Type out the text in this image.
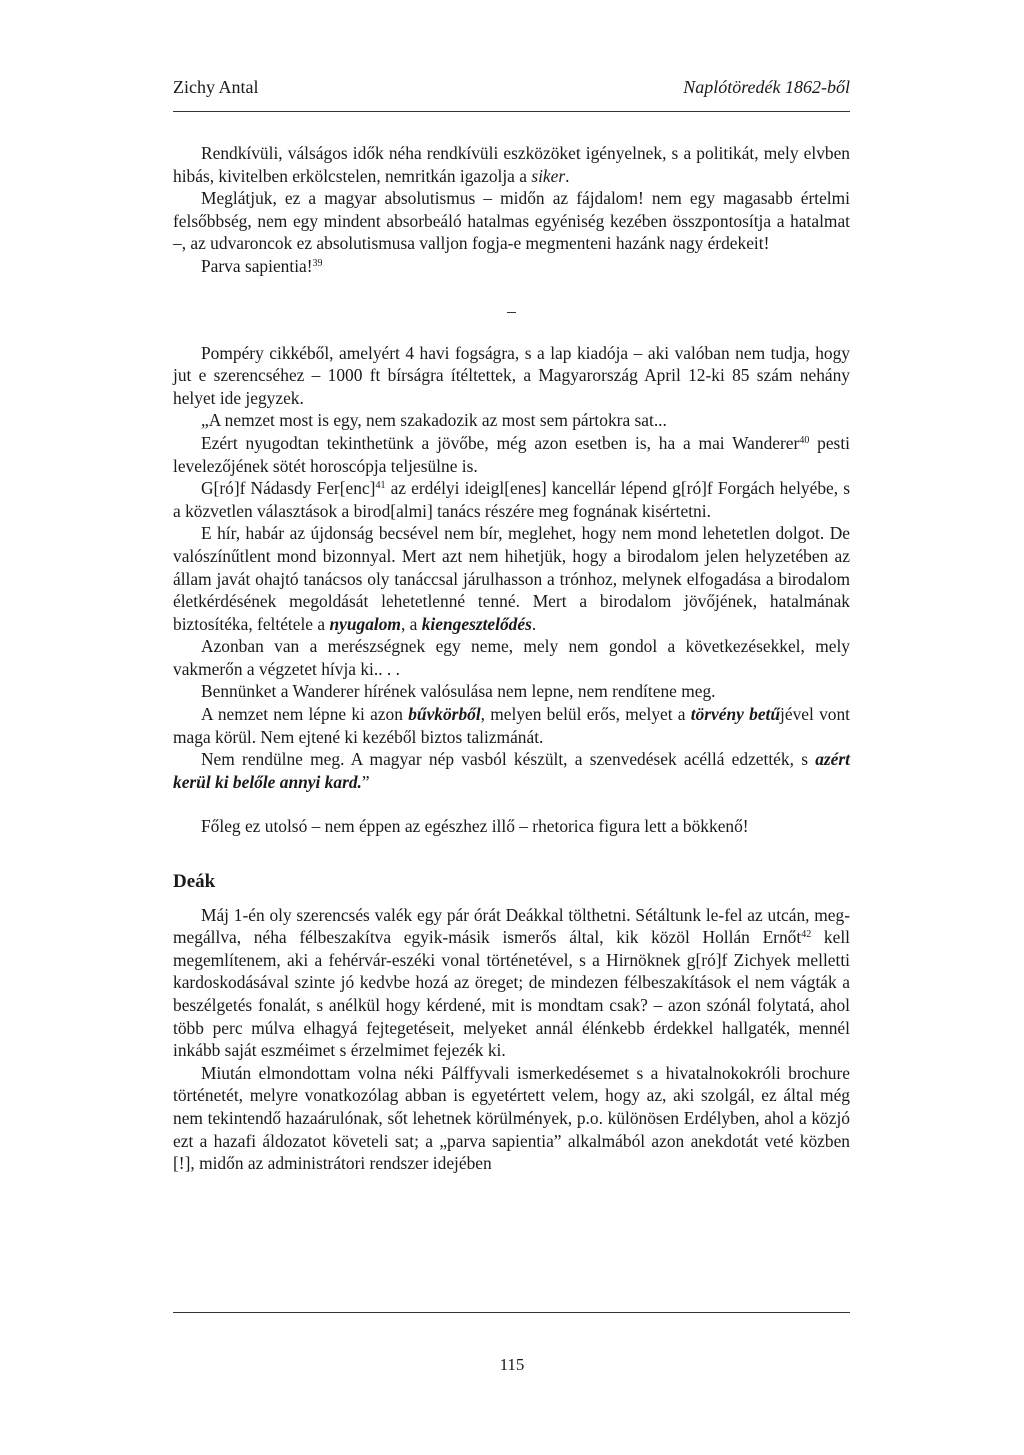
Zichy Antal	Naplótöredék 1862-ből

Rendkívüli, válságos idők néha rendkívüli eszközöket igényelnek, s a politikát, mely elvben hibás, kivitelben erkölcstelen, nemritkán igazolja a siker.

Meglátjuk, ez a magyar absolutismus – midőn az fájdalom! nem egy magasabb értelmi felsőbbség, nem egy mindent absorbeáló hatalmas egyéniség kezében összpontosítja a hatalmat –, az udvaroncok ez absolutismusa valljon fogja-e megmenteni hazánk nagy érdekeit!

Parva sapientia!$^{39}$

–

Pompéry cikkéből, amelyért 4 havi fogságra, s a lap kiadója – aki valóban nem tudja, hogy jut e szerencséhez – 1000 ft bírságra ítéltettek, a Magyarország April 12-ki 85 szám nehány helyet ide jegyzek.

„A nemzet most is egy, nem szakadozik az most sem pártokra sat...

Ezért nyugodtan tekinthetünk a jövőbe, még azon esetben is, ha a mai Wanderer$^{40}$ pesti levelezőjének sötét horoscópja teljesülne is.

G[ró]f Nádasdy Fer[enc]$^{41}$ az erdélyi ideigl[enes] kancellár lépend g[ró]f Forgách helyébe, s a közvetlen választások a birod[almi] tanács részére meg fognának kisértetni.

E hír, habár az újdonság becsével nem bír, meglehet, hogy nem mond lehetetlen dolgot. De valószínűtlent mond bizonnyal. Mert azt nem hihetjük, hogy a birodalom jelen helyzetében az állam javát ohajtó tanácsos oly tanáccsal járulhasson a trónhoz, melynek elfogadása a birodalom életkérdésének megoldását lehetetlenné tenné. Mert a birodalom jövőjének, hatalmának biztosítéka, feltétele a nyugalom, a kiengesztelődés.

Azonban van a merészségnek egy neme, mely nem gondol a következésekkel, mely vakmerőn a végzetet hívja ki.. . .

Bennünket a Wanderer hírének valósulása nem lepne, nem rendítene meg.

A nemzet nem lépne ki azon bűvkörből, melyen belül erős, melyet a törvény betűjével vont maga körül. Nem ejtené ki kezéből biztos talizmánát.

Nem rendülne meg. A magyar nép vasból készült, a szenvedések acéllá edzették, s azért kerül ki belőle annyi kard.”

Főleg ez utolsó – nem éppen az egészhez illő – rhetorica figura lett a bökkenő!

Deák

Máj 1-én oly szerencsés valék egy pár órát Deákkal tölthetni. Sétáltunk le-fel az utcán, meg-megállva, néha félbeszakítva egyik-másik ismerős által, kik közöl Hollán Ernőt$^{42}$ kell megemlítenem, aki a fehérvár-eszéki vonal történetével, s a Hirnöknek g[ró]f Zichyek melletti kardoskodásával szinte jó kedvbe hozá az öreget; de mindezen félbeszakítások el nem vágták a beszélgetés fonalát, s anélkül hogy kérdené, mit is mondtam csak? – azon szónál folytatá, ahol több perc múlva elhagyá fejtegetéseit, melyeket annál élénkebb érdekkel hallgaték, mennél inkább saját eszméimet s érzelmimet fejezék ki.

Miután elmondottam volna néki Pálffyvali ismerkedésemet s a hivatalnokokróli brochure történetét, melyre vonatkozólag abban is egyetértett velem, hogy az, aki szolgál, ez által még nem tekintendő hazaárulónak, sőt lehetnek körülmények, p.o. különösen Erdélyben, ahol a közjó ezt a hazafi áldozatot követeli sat; a „parva sapientia” alkalmából azon anekdotát veté közben [!], midőn az administrátori rendszer idejében

115
